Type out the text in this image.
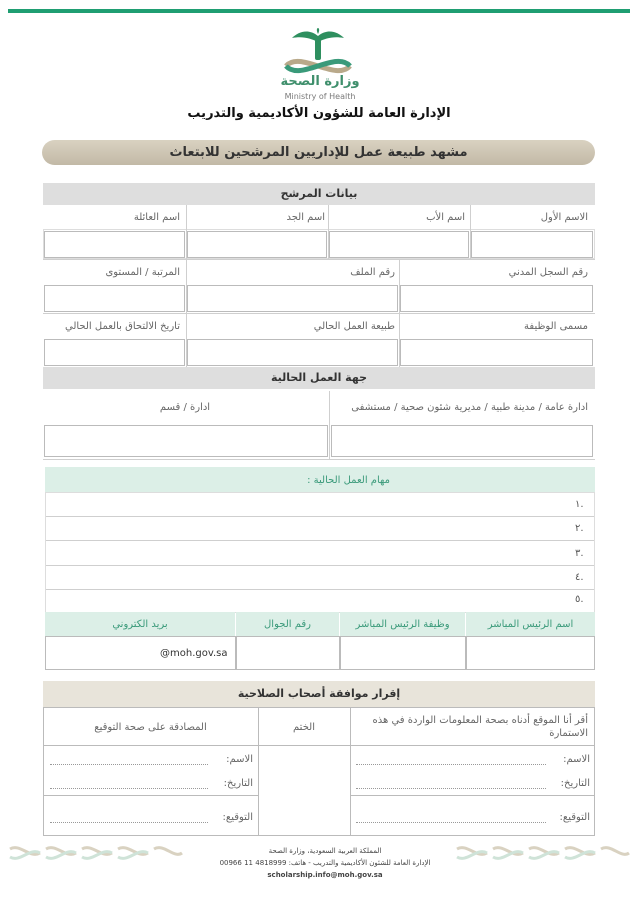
وزارة الصحة
Ministry of Health
الإدارة العامة للشؤون الأكاديمية والتدريب
مشهد طبيعة عمل للإداريين المرشحين للابتعاث
بيانات المرشح
الاسم الأول
اسم الأب
اسم الجد
اسم العائلة
رقم السجل المدني
رقم الملف
المرتبة / المستوى
مسمى الوظيفة
طبيعة العمل الحالي
تاريخ الالتحاق بالعمل الحالي
جهة العمل الحالية
ادارة عامة / مدينة طبية / مديرية شئون صحية / مستشفى
ادارة / قسم
مهام العمل الحالية :
١.
٢.
٣.
٤.
٥.
اسم الرئيس المباشر
وظيفة الرئيس المباشر
رقم الجوال
بريد الكتروني
@moh.gov.sa
إقرار موافقة أصحاب الصلاحية
أقر أنا الموقع أدناه بصحة المعلومات الواردة في هذه الاستمارة
الختم
المصادقة على صحة التوقيع
الاسم:
التاريخ:
التوقيع:
الاسم:
التاريخ:
التوقيع:
المملكة العربية السعودية، وزارة الصحة
الإدارة العامة للشئون الأكاديمية والتدريب - هاتف: 4818999 11 00966
scholarship.info@moh.gov.sa
